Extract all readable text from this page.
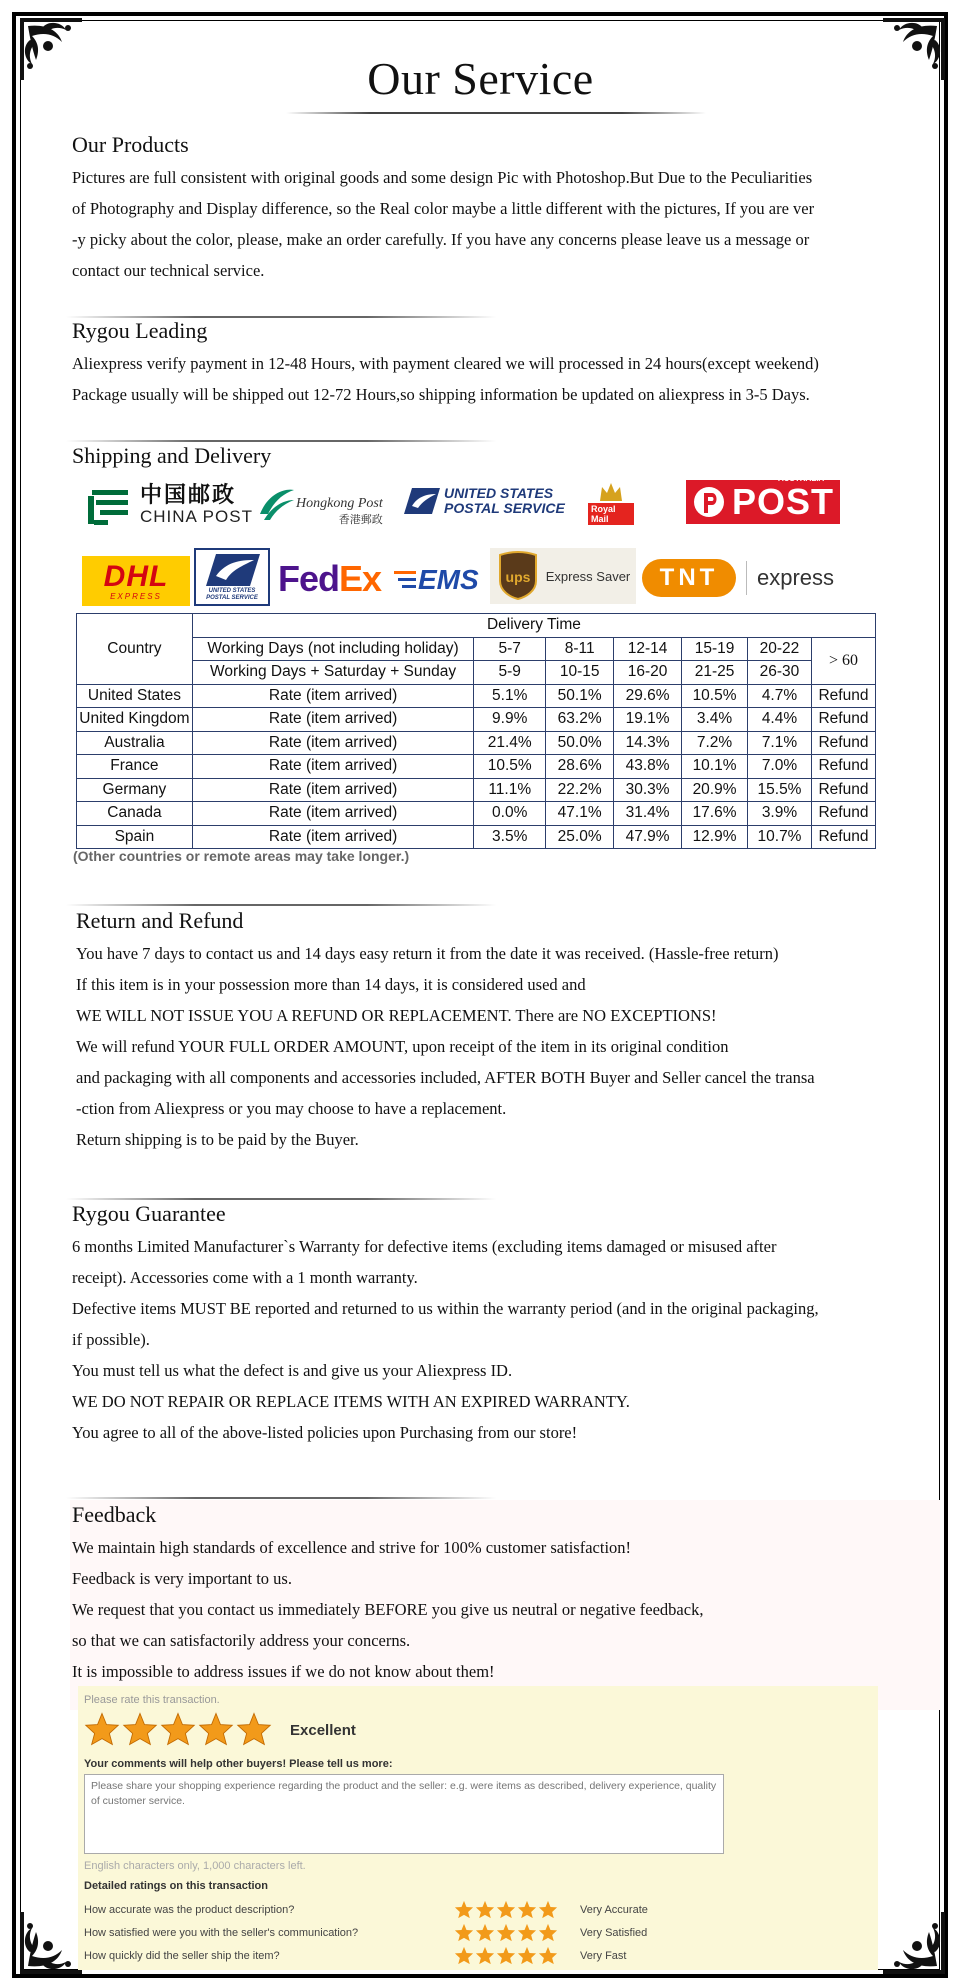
Our Service
Our Products

Pictures are full consistent with original goods and some design Pic with Photoshop.But Due to the Peculiarities

of Photography and Display difference, so the Real color maybe a little different with the pictures, If you are ver

-y picky about the color, please, make an order carefully. If you have any concerns please leave us a message or

contact our technical service.

Rygou Leading

Aliexpress verify payment in 12-48 Hours, with payment cleared we will processed in 24 hours(except weekend)

Package usually will be shipped out 12-72 Hours,so shipping information be updated on aliexpress in 3-5 Days.

Shipping and Delivery
中国邮政
CHINA POST
Hongkong Post
香港郵政
UNITED STATES
POSTAL SERVICE	Royal Mail
AUSTRALIA
POST
DHL
EXPRESS
UNITED STATES POSTAL SERVICE Fed Ex EMS ups Express Saver	TNT	express
Country	Delivery Time						
	Working Days (not including holiday)	5-7	8-11	12-14	15-19	20-22	> 60
	Working Days + Saturday + Sunday	5-9	10-15	16-20	21-25	26-30	
United States	Rate (item arrived)	5.1%	50.1%	29.6%	10.5%	4.7%	Refund
United Kingdom	Rate (item arrived)	9.9%	63.2%	19.1%	3.4%	4.4%	Refund
Australia	Rate (item arrived)	21.4%	50.0%	14.3%	7.2%	7.1%	Refund
France	Rate (item arrived)	10.5%	28.6%	43.8%	10.1%	7.0%	Refund
Germany	Rate (item arrived)	11.1%	22.2%	30.3%	20.9%	15.5%	Refund
Canada	Rate (item arrived)	0.0%	47.1%	31.4%	17.6%	3.9%	Refund
Spain	Rate (item arrived)	3.5%	25.0%	47.9%	12.9%	10.7%	Refund
(Other countries or remote areas may take longer.)
Return and Refund

You have 7 days to contact us and 14 days easy return it from the date it was received. (Hassle-free return)

If this item is in your possession more than 14 days, it is considered used and

WE WILL NOT ISSUE YOU A REFUND OR REPLACEMENT. There are NO EXCEPTIONS!

We will refund YOUR FULL ORDER AMOUNT, upon receipt of the item in its original condition

and packaging with all components and accessories included, AFTER BOTH Buyer and Seller cancel the transa

-ction from Aliexpress or you may choose to have a replacement.

Return shipping is to be paid by the Buyer.

Rygou Guarantee

6 months Limited Manufacturer`s Warranty for defective items (excluding items damaged or misused after

receipt). Accessories come with a 1 month warranty.

Defective items MUST BE reported and returned to us within the warranty period (and in the original packaging,

if possible).

You must tell us what the defect is and give us your Aliexpress ID.

WE DO NOT REPAIR OR REPLACE ITEMS WITH AN EXPIRED WARRANTY.

You agree to all of the above-listed policies upon Purchasing from our store!

Feedback

We maintain high standards of excellence and strive for 100% customer satisfaction!

Feedback is very important to us.

We request that you contact us immediately BEFORE you give us neutral or negative feedback,

so that we can satisfactorily address your concerns.

It is impossible to address issues if we do not know about them!

Please rate this transaction.
Excellent
Your comments will help other buyers! Please tell us more:
Please share your shopping experience regarding the product and the seller: e.g. were items as described, delivery experience, quality of customer service.
English characters only, 1,000 characters left.
Detailed ratings on this transaction
How accurate was the product description?	Very Accurate
How satisfied were you with the seller's communication?	Very Satisfied
How quickly did the seller ship the item?	Very Fast
